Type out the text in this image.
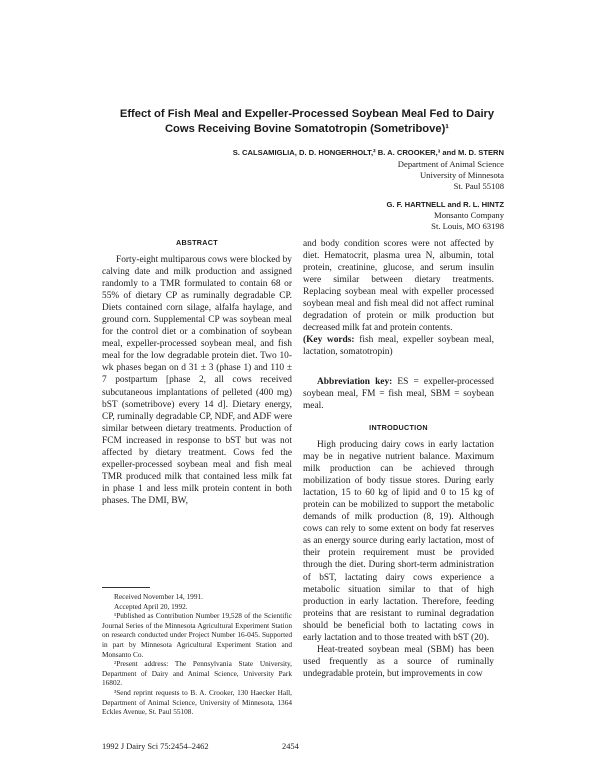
Effect of Fish Meal and Expeller-Processed Soybean Meal Fed to Dairy
Cows Receiving Bovine Somatotropin (Sometribove)¹
S. CALSAMIGLIA, D. D. HONGERHOLT,² B. A. CROOKER,³ and M. D. STERN
Department of Animal Science
University of Minnesota
St. Paul 55108
G. F. HARTNELL and R. L. HINTZ
Monsanto Company
St. Louis, MO 63198
ABSTRACT

Forty-eight multiparous cows were blocked by calving date and milk production and assigned randomly to a TMR formulated to contain 68 or 55% of dietary CP as ruminally degradable CP. Diets contained corn silage, alfalfa haylage, and ground corn. Supplemental CP was soybean meal for the control diet or a combination of soybean meal, expeller-processed soybean meal, and fish meal for the low degradable protein diet. Two 10-wk phases began on d 31 ± 3 (phase 1) and 110 ± 7 postpartum [phase 2, all cows received subcutaneous implantations of pelleted (400 mg) bST (sometribove) every 14 d]. Dietary energy, CP, ruminally degradable CP, NDF, and ADF were similar between dietary treatments. Production of FCM increased in response to bST but was not affected by dietary treatment. Cows fed the expeller-processed soybean meal and fish meal TMR produced milk that contained less milk fat in phase 1 and less milk protein content in both phases. The DMI, BW,

Received November 14, 1991.

Accepted April 20, 1992.

¹Published as Contribution Number 19,528 of the Scientific Journal Series of the Minnesota Agricultural Experiment Station on research conducted under Project Number 16-045. Supported in part by Minnesota Agricultural Experiment Station and Monsanto Co.

²Present address: The Pennsylvania State University, Department of Dairy and Animal Science, University Park 16802.

³Send reprint requests to B. A. Crooker, 130 Haecker Hall, Department of Animal Science, University of Minnesota, 1364 Eckles Avenue, St. Paul 55108.

and body condition scores were not affected by diet. Hematocrit, plasma urea N, albumin, total protein, creatinine, glucose, and serum insulin were similar between dietary treatments. Replacing soybean meal with expeller processed soybean meal and fish meal did not affect ruminal degradation of protein or milk production but decreased milk fat and protein contents.

(Key words: fish meal, expeller soybean meal, lactation, somatotropin)

Abbreviation key: ES = expeller-processed soybean meal, FM = fish meal, SBM = soybean meal.

INTRODUCTION

High producing dairy cows in early lactation may be in negative nutrient balance. Maximum milk production can be achieved through mobilization of body tissue stores. During early lactation, 15 to 60 kg of lipid and 0 to 15 kg of protein can be mobilized to support the metabolic demands of milk production (8, 19). Although cows can rely to some extent on body fat reserves as an energy source during early lactation, most of their protein requirement must be provided through the diet. During short-term administration of bST, lactating dairy cows experience a metabolic situation similar to that of high production in early lactation. Therefore, feeding proteins that are resistant to ruminal degradation should be beneficial both to lactating cows in early lactation and to those treated with bST (20).

Heat-treated soybean meal (SBM) has been used frequently as a source of ruminally undegradable protein, but improvements in cow

1992 J Dairy Sci 75:2454–2462	2454
